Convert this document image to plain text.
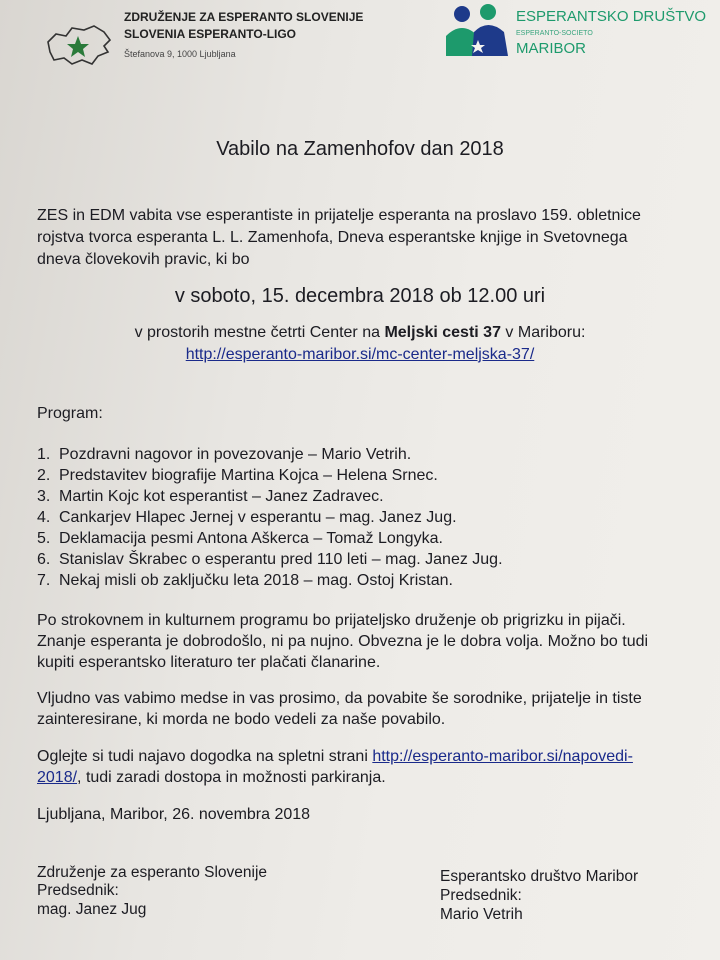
ZDRUŽENJE ZA ESPERANTO SLOVENIJE
SLOVENIA ESPERANTO-LIGO
Štefanova 9, 1000 Ljubljana
ESPERANTSKO DRUŠTVO
ESPERANTO-SOCIETO
MARIBOR
Vabilo na Zamenhofov dan 2018
ZES in EDM vabita vse esperantiste in prijatelje esperanta na proslavo 159. obletnice
rojstva tvorca esperanta L. L. Zamenhofa, Dneva esperantske knjige in Svetovnega
dneva človekovih pravic, ki bo
v soboto, 15. decembra 2018 ob 12.00 uri
v prostorih mestne četrti Center na Meljski cesti 37 v Mariboru:
http://esperanto-maribor.si/mc-center-meljska-37/
Program:
1. Pozdravni nagovor in povezovanje – Mario Vetrih.
2. Predstavitev biografije Martina Kojca – Helena Srnec.
3. Martin Kojc kot esperantist – Janez Zadravec.
4. Cankarjev Hlapec Jernej v esperantu – mag. Janez Jug.
5. Deklamacija pesmi Antona Aškerca – Tomaž Longyka.
6. Stanislav Škrabec o esperantu pred 110 leti – mag. Janez Jug.
7. Nekaj misli ob zaključku leta 2018 – mag. Ostoj Kristan.
Po strokovnem in kulturnem programu bo prijateljsko druženje ob prigrizku in pijači.
Znanje esperanta je dobrodošlo, ni pa nujno. Obvezna je le dobra volja. Možno bo tudi
kupiti esperantsko literaturo ter plačati članarine.
Vljudno vas vabimo medse in vas prosimo, da povabite še sorodnike, prijatelje in tiste
zainteresirane, ki morda ne bodo vedeli za naše povabilo.
Oglejte si tudi najavo dogodka na spletni strani http://esperanto-maribor.si/napovedi-
2018/, tudi zaradi dostopa in možnosti parkiranja.
Ljubljana, Maribor, 26. novembra 2018
Združenje za esperanto Slovenije
Predsednik:
mag. Janez Jug
Esperantsko društvo Maribor
Predsednik:
Mario Vetrih
